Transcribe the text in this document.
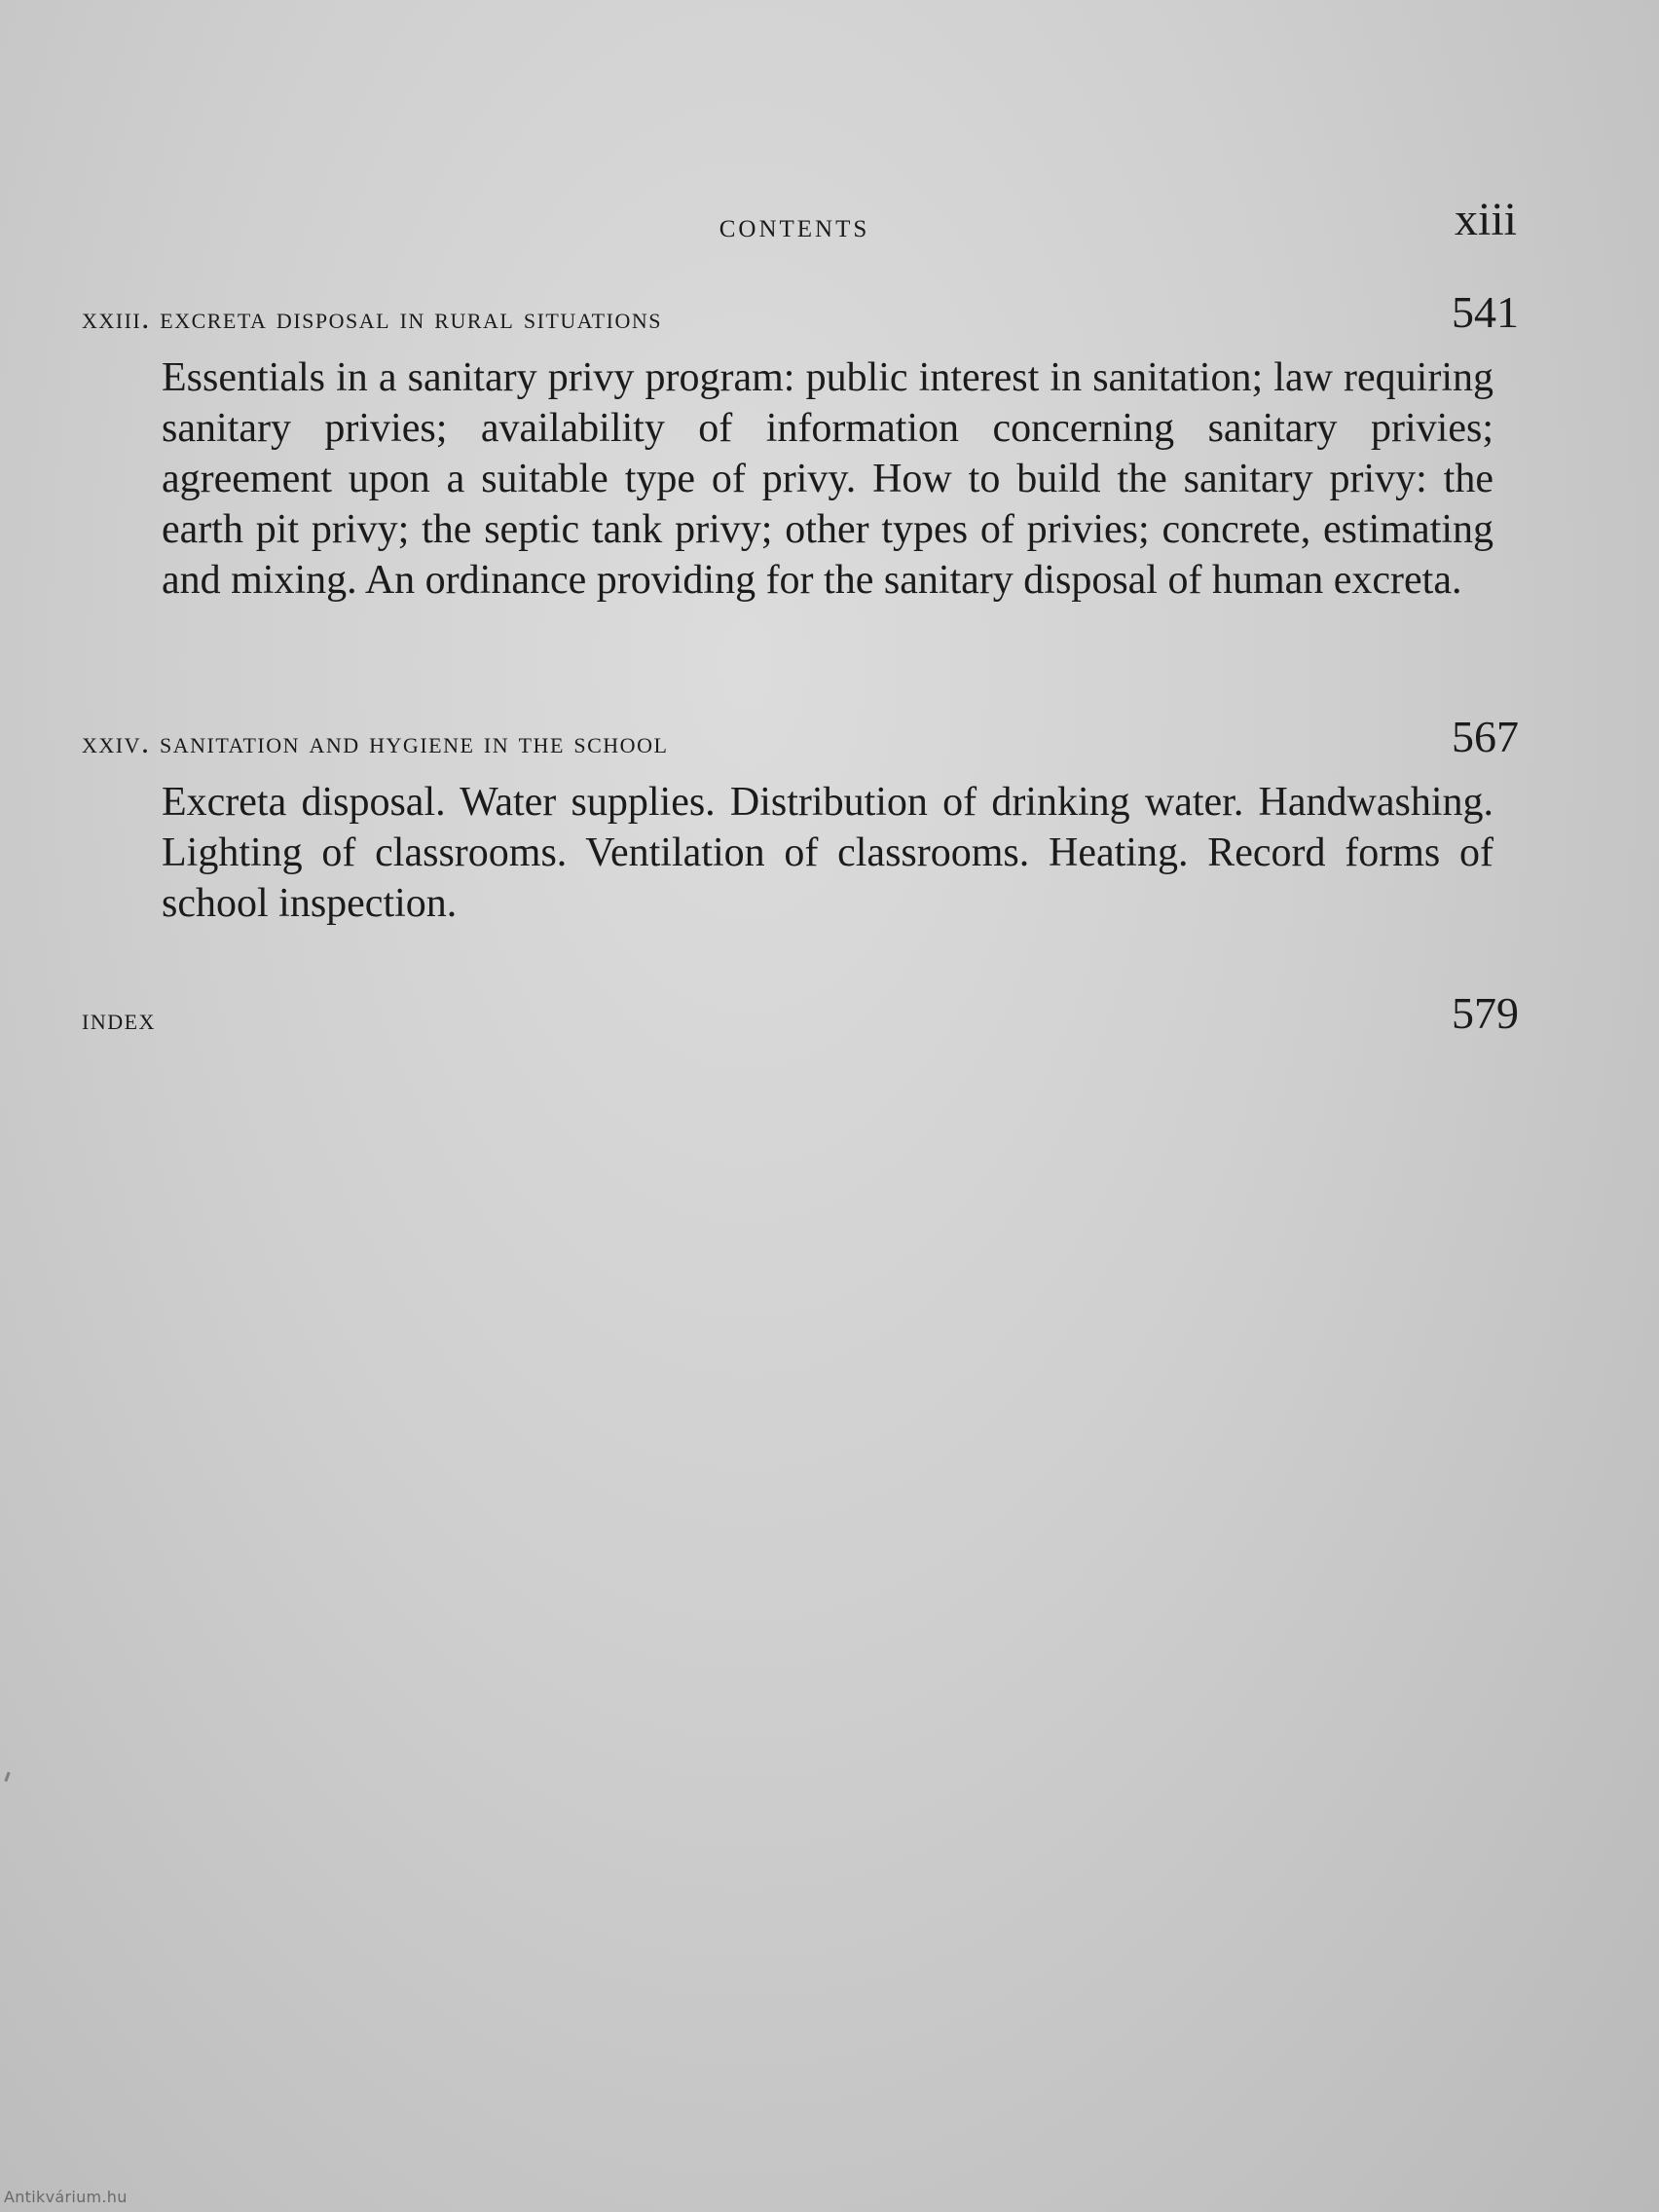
contents	xiii
xxiii. excreta disposal in rural situations	541
Essentials in a sanitary privy program: public interest in sanitation; law requiring sanitary privies; availability of information concerning sanitary privies; agreement upon a suitable type of privy. How to build the sanitary privy: the earth pit privy; the septic tank privy; other types of privies; concrete, estimating and mixing. An ordinance providing for the sanitary disposal of human excreta.
xxiv. sanitation and hygiene in the school	567
Excreta disposal. Water supplies. Distribution of drinking water. Handwashing. Lighting of classrooms. Ventilation of classrooms. Heating. Record forms of school inspection.
index	579
Antikvárium.hu
